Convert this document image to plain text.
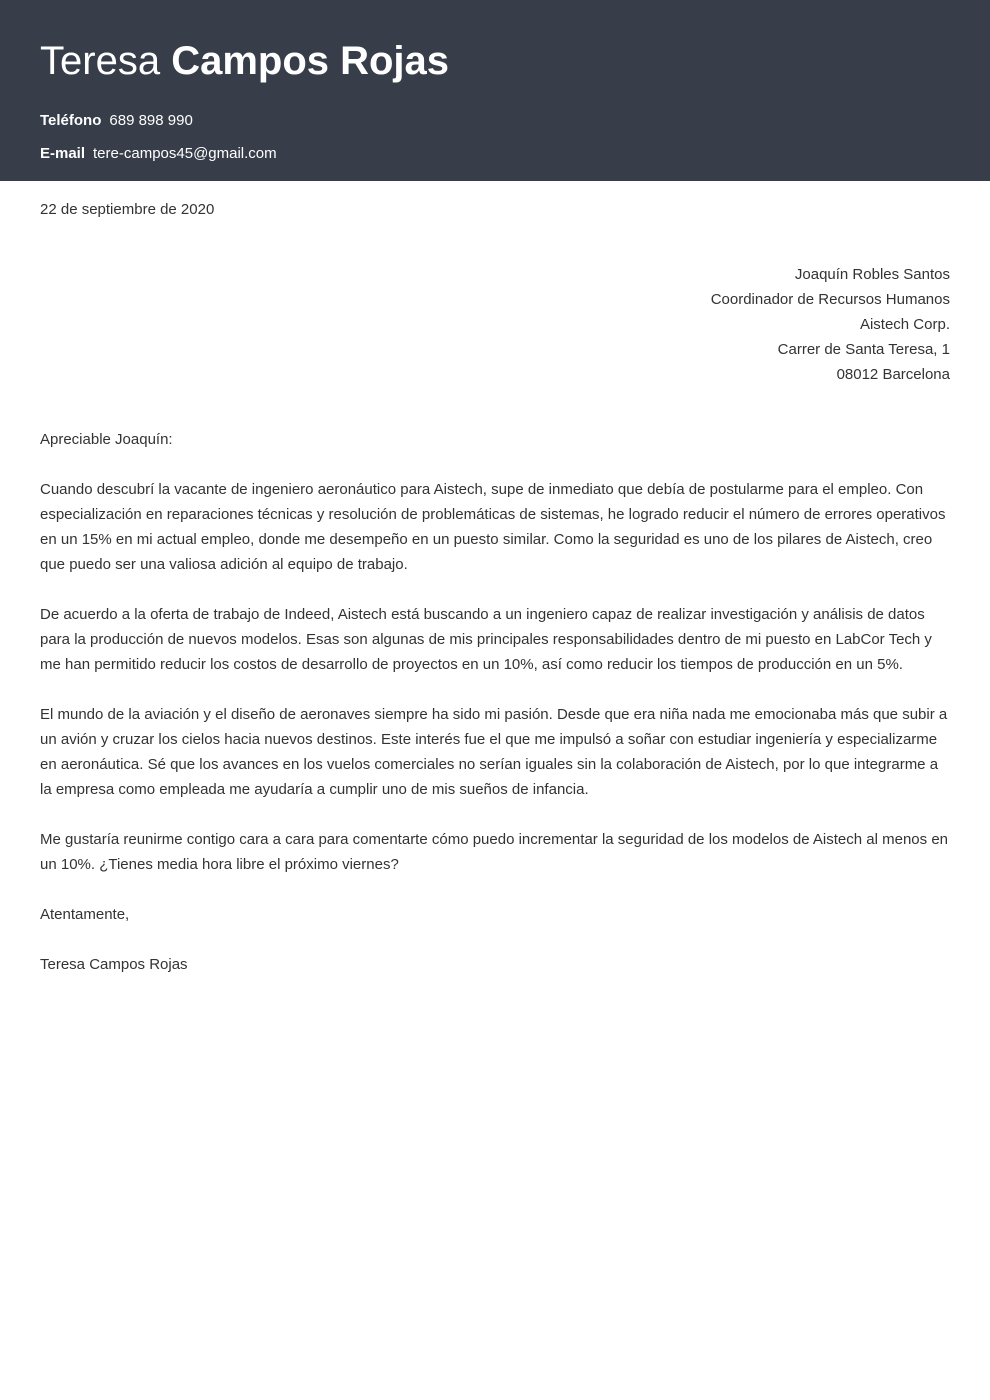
Teresa Campos Rojas
Teléfono 689 898 990
E-mail tere-campos45@gmail.com
22 de septiembre de 2020
Joaquín Robles Santos
Coordinador de Recursos Humanos
Aistech Corp.
Carrer de Santa Teresa, 1
08012 Barcelona
Apreciable Joaquín:
Cuando descubrí la vacante de ingeniero aeronáutico para Aistech, supe de inmediato que debía de postularme para el empleo. Con especialización en reparaciones técnicas y resolución de problemáticas de sistemas, he logrado reducir el número de errores operativos en un 15% en mi actual empleo, donde me desempeño en un puesto similar. Como la seguridad es uno de los pilares de Aistech, creo que puedo ser una valiosa adición al equipo de trabajo.
De acuerdo a la oferta de trabajo de Indeed, Aistech está buscando a un ingeniero capaz de realizar investigación y análisis de datos para la producción de nuevos modelos. Esas son algunas de mis principales responsabilidades dentro de mi puesto en LabCor Tech y me han permitido reducir los costos de desarrollo de proyectos en un 10%, así como reducir los tiempos de producción en un 5%.
El mundo de la aviación y el diseño de aeronaves siempre ha sido mi pasión. Desde que era niña nada me emocionaba más que subir a un avión y cruzar los cielos hacia nuevos destinos. Este interés fue el que me impulsó a soñar con estudiar ingeniería y especializarme en aeronáutica. Sé que los avances en los vuelos comerciales no serían iguales sin la colaboración de Aistech, por lo que integrarme a la empresa como empleada me ayudaría a cumplir uno de mis sueños de infancia.
Me gustaría reunirme contigo cara a cara para comentarte cómo puedo incrementar la seguridad de los modelos de Aistech al menos en un 10%. ¿Tienes media hora libre el próximo viernes?
Atentamente,
Teresa Campos Rojas
